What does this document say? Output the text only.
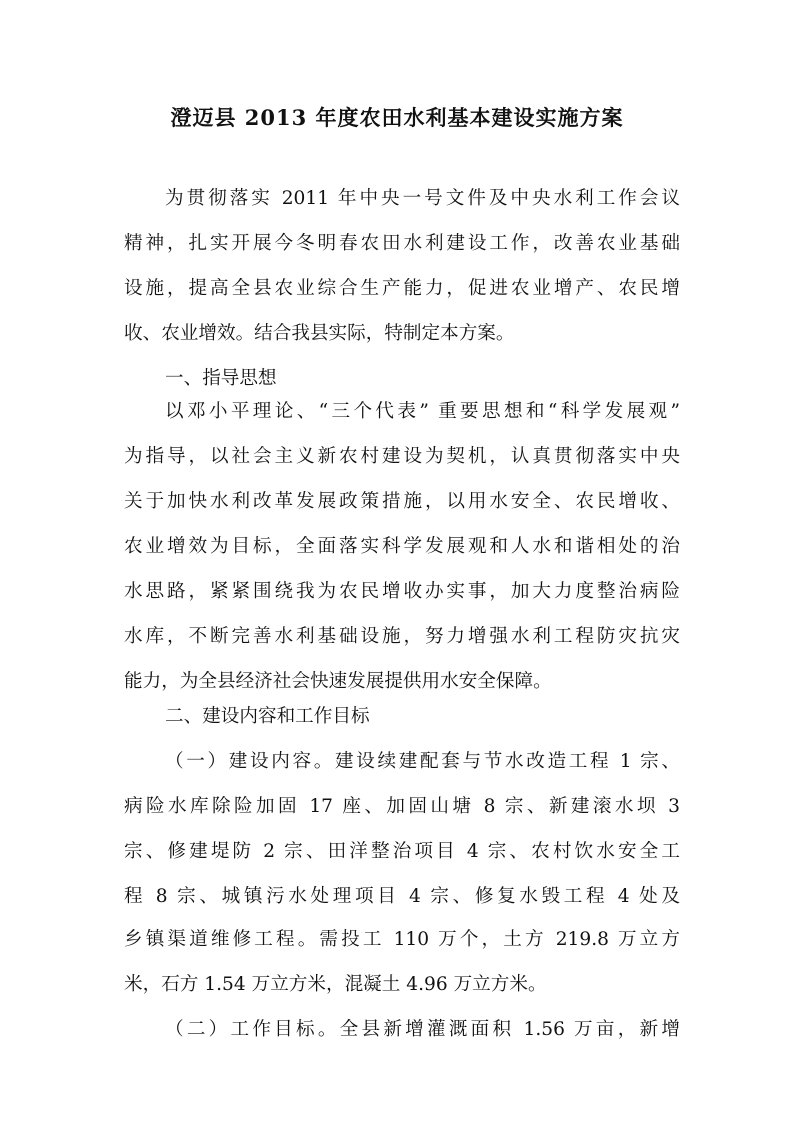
澄迈县 2013 年度农田水利基本建设实施方案
为贯彻落实 2011 年中央一号文件及中央水利工作会议
精神，扎实开展今冬明春农田水利建设工作，改善农业基础
设施，提高全县农业综合生产能力，促进农业增产、农民增
收、农业增效。结合我县实际，特制定本方案。
一、指导思想
以邓小平理论、“三个代表” 重要思想和“科学发展观”
为指导，以社会主义新农村建设为契机，认真贯彻落实中央
关于加快水利改革发展政策措施，以用水安全、农民增收、
农业增效为目标，全面落实科学发展观和人水和谐相处的治
水思路，紧紧围绕我为农民增收办实事，加大力度整治病险
水库，不断完善水利基础设施，努力增强水利工程防灾抗灾
能力，为全县经济社会快速发展提供用水安全保障。
二、建设内容和工作目标
（一）建设内容。建设续建配套与节水改造工程 1 宗、
病险水库除险加固 17 座、加固山塘 8 宗、新建滚水坝 3
宗、修建堤防 2 宗、田洋整治项目 4 宗、农村饮水安全工
程 8 宗、城镇污水处理项目 4 宗、修复水毁工程 4 处及
乡镇渠道维修工程。需投工 110 万个，土方 219.8 万立方
米，石方 1.54 万立方米，混凝土 4.96 万立方米。
（二）工作目标。全县新增灌溉面积 1.56 万亩，新增
